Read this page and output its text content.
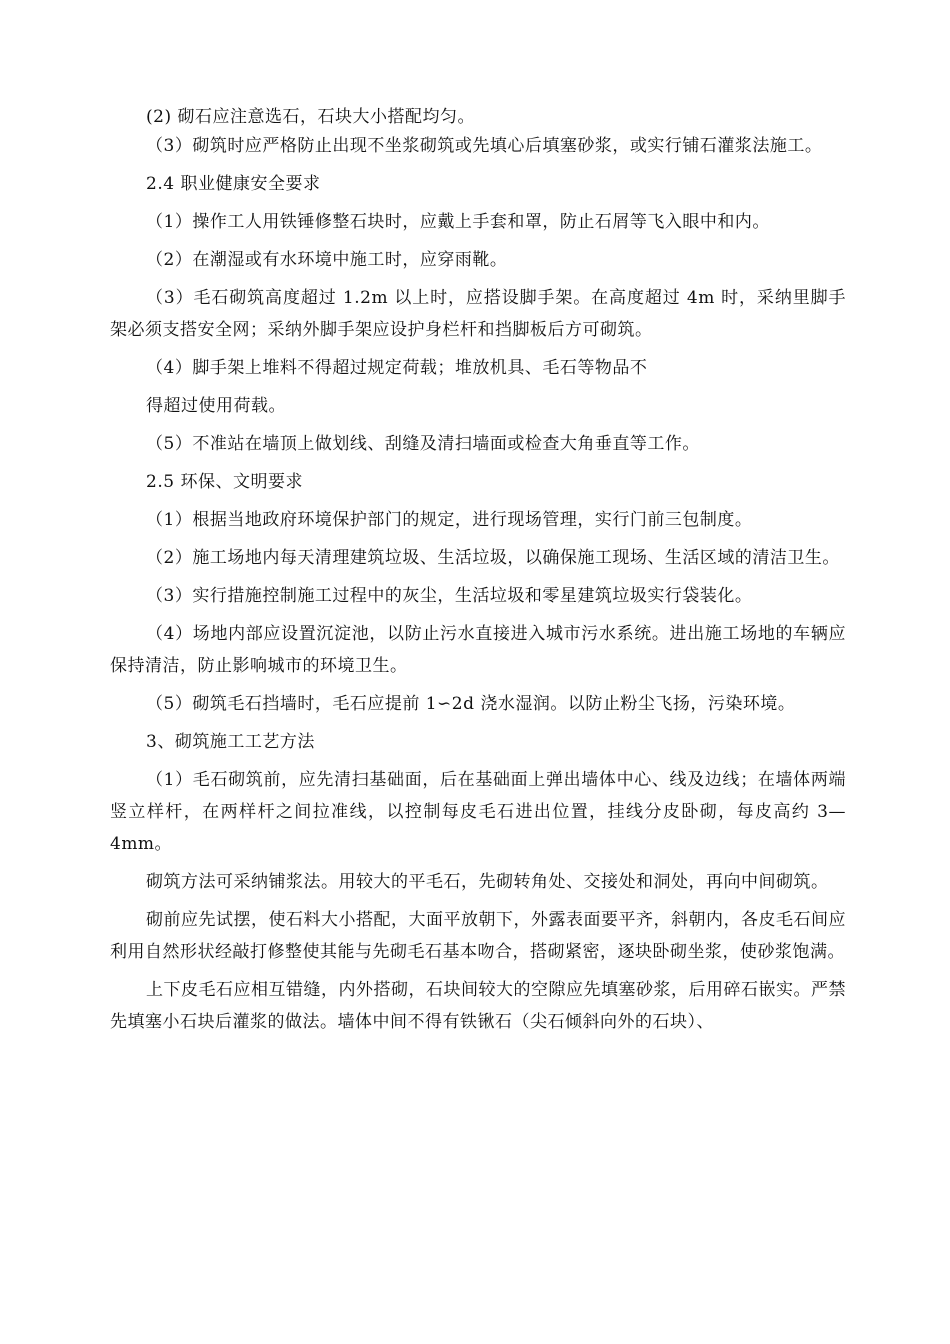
(2) 砌石应注意选石，石块大小搭配均匀。

（3）砌筑时应严格防止出现不坐浆砌筑或先填心后填塞砂浆，或实行铺石灌浆法施工。

2.4 职业健康安全要求

（1）操作工人用铁锤修整石块时，应戴上手套和罩，防止石屑等飞入眼中和内。

（2）在潮湿或有水环境中施工时，应穿雨靴。

（3）毛石砌筑高度超过 1.2m 以上时，应搭设脚手架。在高度超过 4m 时，采纳里脚手架必须支搭安全网；采纳外脚手架应设护身栏杆和挡脚板后方可砌筑。

（4）脚手架上堆料不得超过规定荷载；堆放机具、毛石等物品不

得超过使用荷载。

（5）不准站在墙顶上做划线、刮缝及清扫墙面或检查大角垂直等工作。

2.5 环保、文明要求

（1）根据当地政府环境保护部门的规定，进行现场管理，实行门前三包制度。

（2）施工场地内每天清理建筑垃圾、生活垃圾，以确保施工现场、生活区域的清洁卫生。

（3）实行措施控制施工过程中的灰尘，生活垃圾和零星建筑垃圾实行袋装化。

（4）场地内部应设置沉淀池，以防止污水直接进入城市污水系统。进出施工场地的车辆应保持清洁，防止影响城市的环境卫生。

（5）砌筑毛石挡墙时，毛石应提前 1∽2d 浇水湿润。以防止粉尘飞扬，污染环境。

3、砌筑施工工艺方法

（1）毛石砌筑前，应先清扫基础面，后在基础面上弹出墙体中心、线及边线；在墙体两端竖立样杆，在两样杆之间拉准线，以控制每皮毛石进出位置，挂线分皮卧砌，每皮高约 3—4mm。

砌筑方法可采纳铺浆法。用较大的平毛石，先砌转角处、交接处和洞处，再向中间砌筑。

砌前应先试摆，使石料大小搭配，大面平放朝下，外露表面要平齐，斜朝内，各皮毛石间应利用自然形状经敲打修整使其能与先砌毛石基本吻合，搭砌紧密，逐块卧砌坐浆，使砂浆饱满。

上下皮毛石应相互错缝，内外搭砌，石块间较大的空隙应先填塞砂浆，后用碎石嵌实。严禁先填塞小石块后灌浆的做法。墙体中间不得有铁锹石（尖石倾斜向外的石块）、
